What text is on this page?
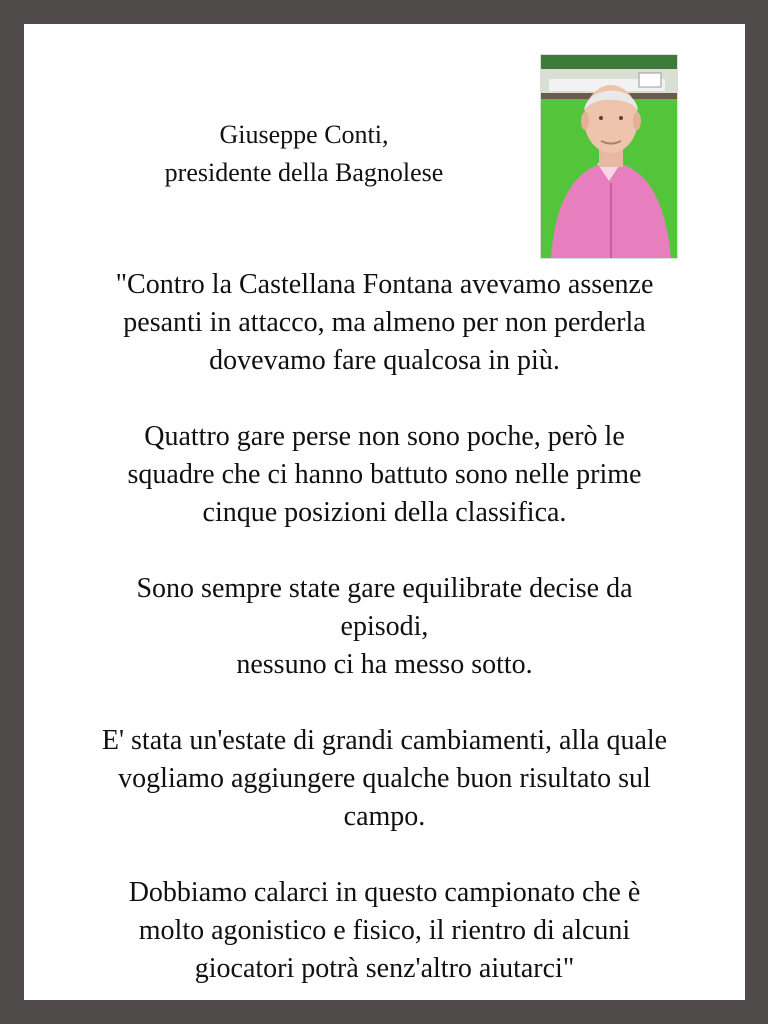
Giuseppe Conti,
presidente della Bagnolese
"Contro la Castellana Fontana avevamo assenze
pesanti in attacco, ma almeno per non perderla
dovevamo fare qualcosa in più.
Quattro gare perse non sono poche, però le
squadre che ci hanno battuto sono nelle prime
cinque posizioni della classifica.
Sono sempre state gare equilibrate decise da
episodi,
nessuno ci ha messo sotto.
E' stata un'estate di grandi cambiamenti, alla quale
vogliamo aggiungere qualche buon risultato sul
campo.
Dobbiamo calarci in questo campionato che è
molto agonistico e fisico, il rientro di alcuni
giocatori potrà senz'altro aiutarci"
